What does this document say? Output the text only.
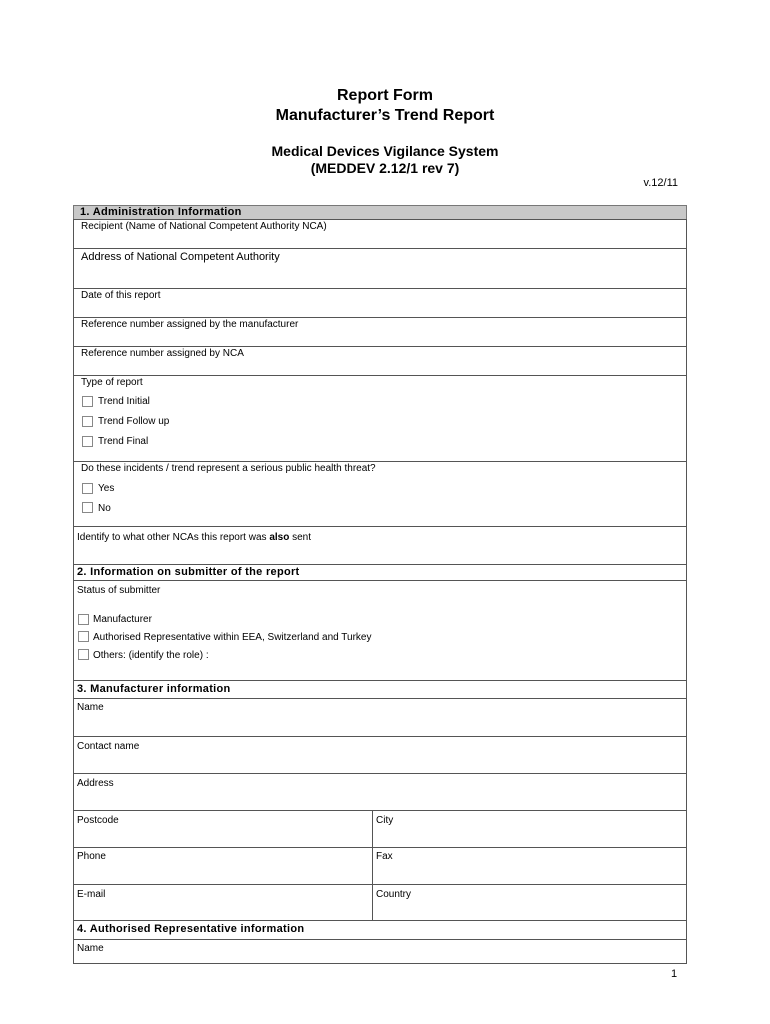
Report Form
Manufacturer’s Trend Report
Medical Devices Vigilance System
(MEDDEV 2.12/1 rev 7)
v.12/11
1. Administration Information
Recipient (Name of National Competent Authority NCA)
Address of National Competent Authority
Date of this report
Reference number assigned by the manufacturer
Reference number assigned by NCA
Type of report
Trend Initial
Trend Follow up
Trend Final
Do these incidents / trend represent a serious public health threat?
Yes
No
Identify to what other NCAs this report was also sent
2. Information on submitter of the report
Status of submitter
Manufacturer
Authorised Representative within EEA, Switzerland and Turkey
Others: (identify the role) :
3. Manufacturer information
Name
Contact name
Address
Postcode	City
Phone	Fax
E-mail	Country
4. Authorised Representative information
Name
1
